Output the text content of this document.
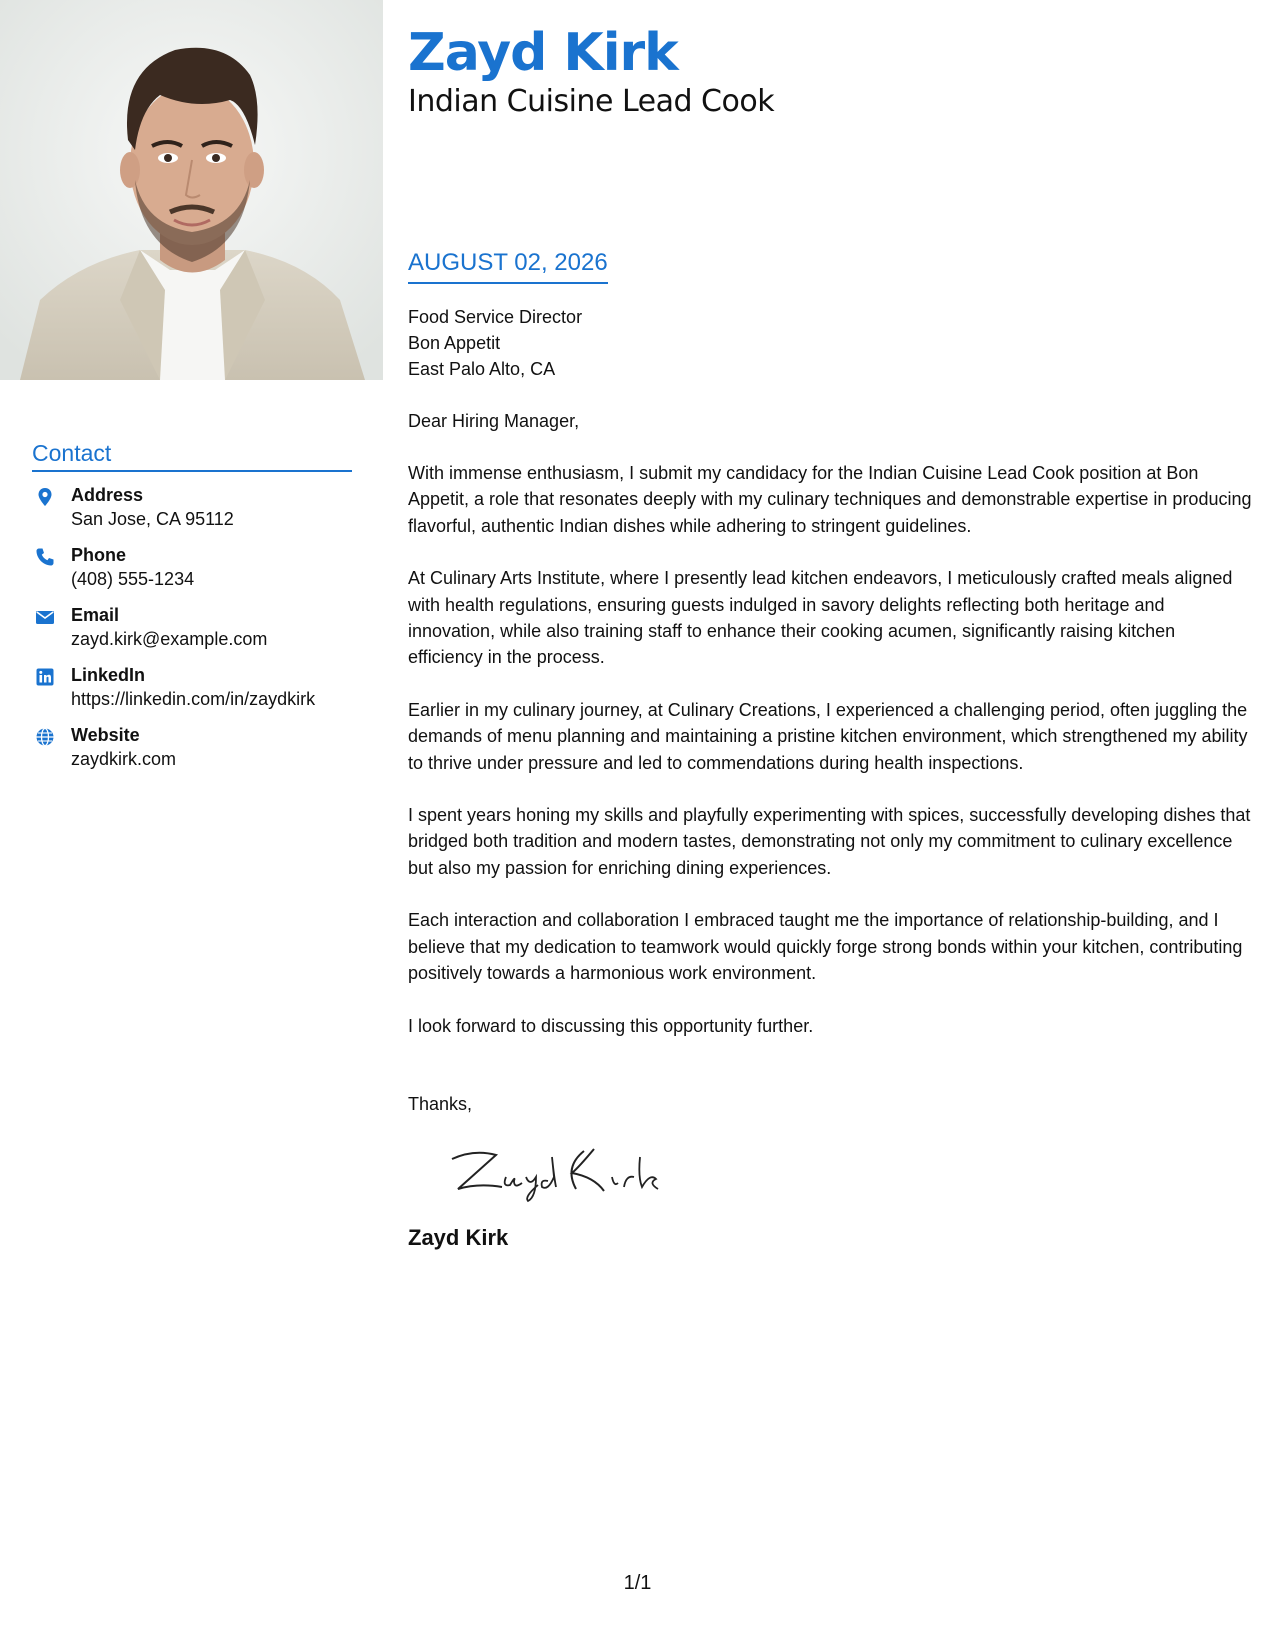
Contact
Address
San Jose, CA 95112
Phone
(408) 555-1234
Email
zayd.kirk@example.com
LinkedIn
https://linkedin.com/in/zaydkirk
Website
zaydkirk.com
Zayd Kirk
Indian Cuisine Lead Cook
AUGUST 02, 2026
Food Service Director
Bon Appetit
East Palo Alto, CA
Dear Hiring Manager,
With immense enthusiasm, I submit my candidacy for the Indian Cuisine Lead Cook position at Bon Appetit, a role that resonates deeply with my culinary techniques and demonstrable expertise in producing flavorful, authentic Indian dishes while adhering to stringent guidelines.
At Culinary Arts Institute, where I presently lead kitchen endeavors, I meticulously crafted meals aligned with health regulations, ensuring guests indulged in savory delights reflecting both heritage and innovation, while also training staff to enhance their cooking acumen, significantly raising kitchen efficiency in the process.
Earlier in my culinary journey, at Culinary Creations, I experienced a challenging period, often juggling the demands of menu planning and maintaining a pristine kitchen environment, which strengthened my ability to thrive under pressure and led to commendations during health inspections.
I spent years honing my skills and playfully experimenting with spices, successfully developing dishes that bridged both tradition and modern tastes, demonstrating not only my commitment to culinary excellence but also my passion for enriching dining experiences.
Each interaction and collaboration I embraced taught me the importance of relationship-building, and I believe that my dedication to teamwork would quickly forge strong bonds within your kitchen, contributing positively towards a harmonious work environment.
I look forward to discussing this opportunity further.
Thanks,
Zayd Kirk
1/1
